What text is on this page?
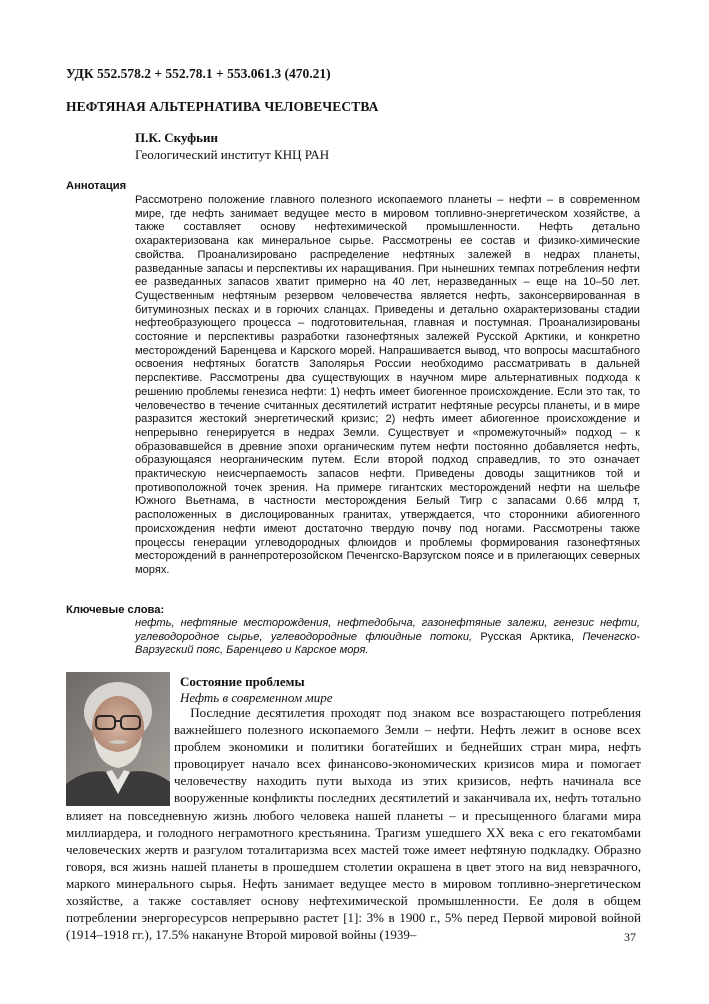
УДК 552.578.2 + 552.78.1 + 553.061.3 (470.21)
НЕФТЯНАЯ АЛЬТЕРНАТИВА ЧЕЛОВЕЧЕСТВА
П.К. Скуфьин
Геологический институт КНЦ РАН
Аннотация
Рассмотрено положение главного полезного ископаемого планеты – нефти – в современном мире, где нефть занимает ведущее место в мировом топливно-энергетическом хозяйстве, а также составляет основу нефтехимической промышленности. Нефть детально охарактеризована как минеральное сырье. Рассмотрены ее состав и физико-химические свойства. Проанализировано распределение нефтяных залежей в недрах планеты, разведанные запасы и перспективы их наращивания. При нынешних темпах потребления нефти ее разведанных запасов хватит примерно на 40 лет, неразведанных – еще на 10–50 лет. Существенным нефтяным резервом человечества является нефть, законсервированная в битуминозных песках и в горючих сланцах. Приведены и детально охарактеризованы стадии нефтеобразующего процесса – подготовительная, главная и постумная. Проанализированы состояние и перспективы разработки газонефтяных залежей Русской Арктики, и конкретно месторождений Баренцева и Карского морей. Напрашивается вывод, что вопросы масштабного освоения нефтяных богатств Заполярья России необходимо рассматривать в дальней перспективе. Рассмотрены два существующих в научном мире альтернативных подхода к решению проблемы генезиса нефти: 1) нефть имеет биогенное происхождение. Если это так, то человечество в течение считанных десятилетий истратит нефтяные ресурсы планеты, и в мире разразится жестокий энергетический кризис; 2) нефть имеет абиогенное происхождение и непрерывно генерируется в недрах Земли. Существует и «промежуточный» подход – к образовавшейся в древние эпохи органическим путем нефти постоянно добавляется нефть, образующаяся неорганическим путем. Если второй подход справедлив, то это означает практическую неисчерпаемость запасов нефти. Приведены доводы защитников той и противоположной точек зрения. На примере гигантских месторождений нефти на шельфе Южного Вьетнама, в частности месторождения Белый Тигр с запасами 0.66 млрд т, расположенных в дислоцированных гранитах, утверждается, что сторонники абиогенного происхождения нефти имеют достаточно твердую почву под ногами. Рассмотрены также процессы генерации углеводородных флюидов и проблемы формирования газонефтяных месторождений в раннепротерозойском Печенгско-Варзугском поясе и в прилегающих северных морях.
Ключевые слова:
нефть, нефтяные месторождения, нефтедобыча, газонефтяные залежи, генезис нефти, углеводородное сырье, углеводородные флюидные потоки, Русская Арктика, Печенгско-Варзугский пояс, Баренцево и Карское моря.
Состояние проблемы
Нефть в современном мире

Последние десятилетия проходят под знаком все возрастающего потребления важнейшего полезного ископаемого Земли – нефти. Нефть лежит в основе всех проблем экономики и политики богатейших и беднейших стран мира, нефть провоцирует начало всех финансово-экономических кризисов мира и помогает человечеству находить пути выхода из этих кризисов, нефть начинала все вооруженные конфликты последних десятилетий и заканчивала их, нефть тотально влияет на повседневную жизнь любого человека нашей планеты – и пресыщенного благами мира миллиардера, и голодного неграмотного крестьянина. Трагизм ушедшего XX века с его гекатомбами человеческих жертв и разгулом тоталитаризма всех мастей тоже имеет нефтяную подкладку. Образно говоря, вся жизнь нашей планеты в прошедшем столетии окрашена в цвет этого на вид невзрачного, маркого минерального сырья. Нефть занимает ведущее место в мировом топливно-энергетическом хозяйстве, а также составляет основу нефтехимической промышленности. Ее доля в общем потреблении энергоресурсов непрерывно растет [1]: 3% в 1900 г., 5% перед Первой мировой войной (1914–1918 гг.), 17.5% накануне Второй мировой войны (1939–	37
